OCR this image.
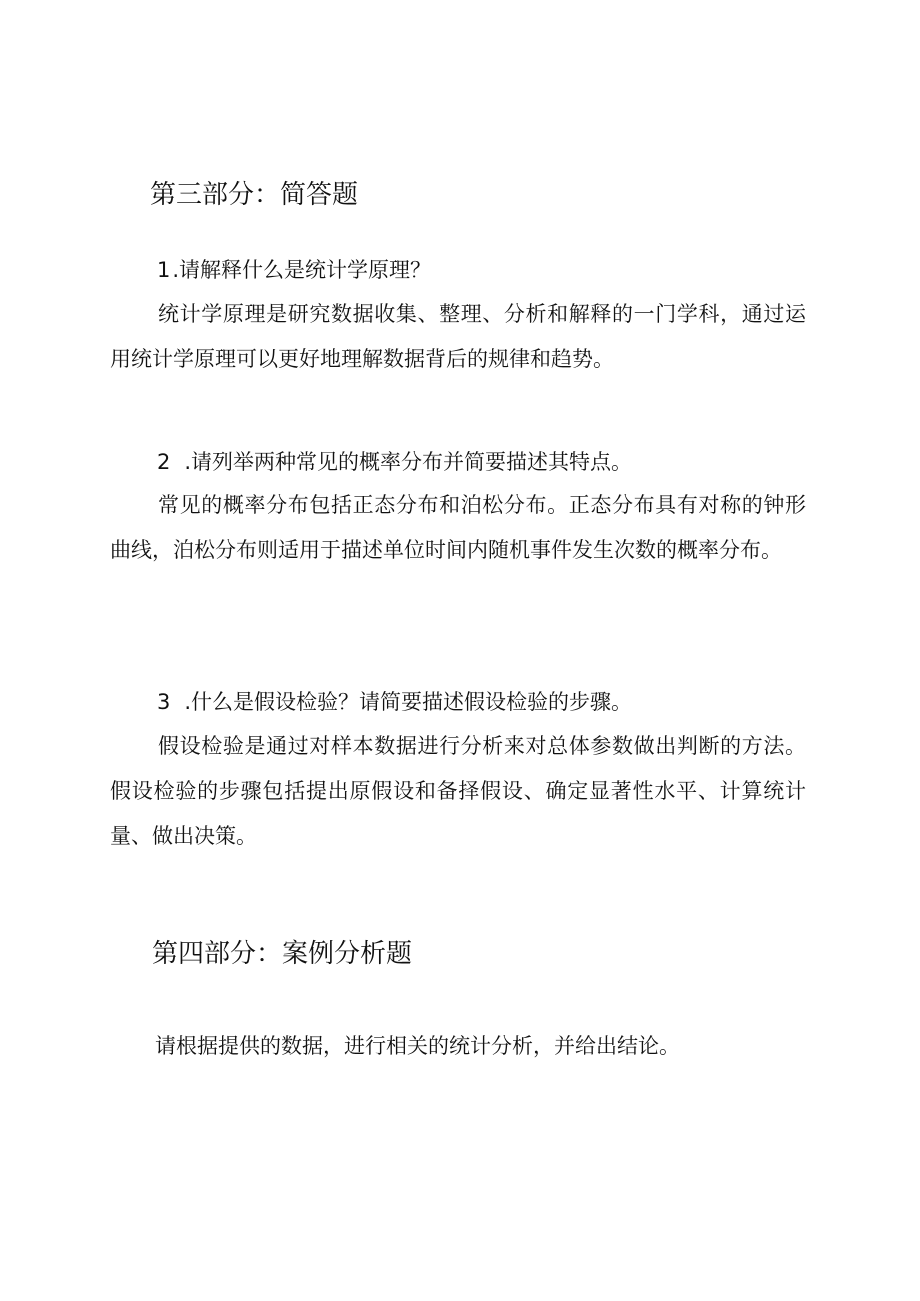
第三部分：简答题

1.请解释什么是统计学原理？

统计学原理是研究数据收集、整理、分析和解释的一门学科，通过运用统计学原理可以更好地理解数据背后的规律和趋势。

2 .请列举两种常见的概率分布并简要描述其特点。

常见的概率分布包括正态分布和泊松分布。正态分布具有对称的钟形曲线，泊松分布则适用于描述单位时间内随机事件发生次数的概率分布。

3 .什么是假设检验？请简要描述假设检验的步骤。

假设检验是通过对样本数据进行分析来对总体参数做出判断的方法。假设检验的步骤包括提出原假设和备择假设、确定显著性水平、计算统计量、做出决策。

第四部分：案例分析题

请根据提供的数据，进行相关的统计分析，并给出结论。
